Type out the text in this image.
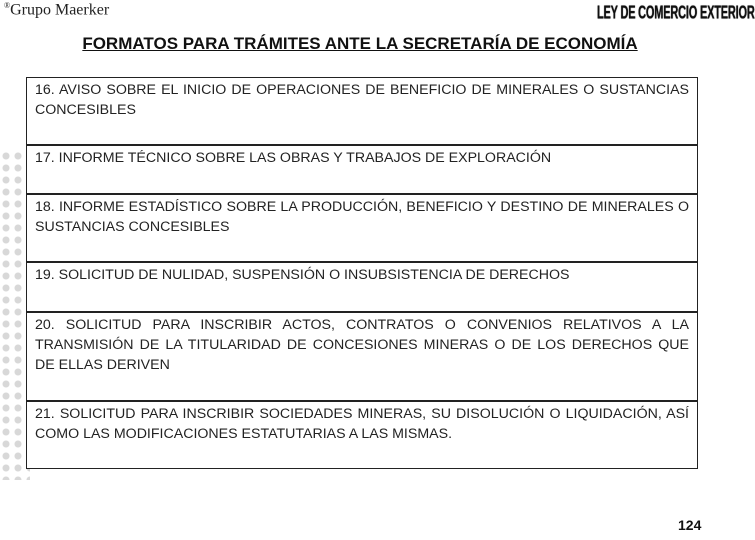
®Grupo Maerker	LEY DE COMERCIO EXTERIOR
FORMATOS PARA TRÁMITES ANTE LA SECRETARÍA DE ECONOMÍA
16. AVISO SOBRE EL INICIO DE OPERACIONES DE BENEFICIO DE MINERALES O SUSTANCIAS CONCESIBLES
17. INFORME TÉCNICO SOBRE LAS OBRAS Y TRABAJOS DE EXPLORACIÓN
18. INFORME ESTADÍSTICO SOBRE LA PRODUCCIÓN, BENEFICIO Y DESTINO DE MINERALES O SUSTANCIAS CONCESIBLES
19. SOLICITUD DE NULIDAD, SUSPENSIÓN O INSUBSISTENCIA DE DERECHOS
20. SOLICITUD PARA INSCRIBIR ACTOS, CONTRATOS O CONVENIOS RELATIVOS A LA TRANSMISIÓN DE LA TITULARIDAD DE CONCESIONES MINERAS O DE LOS DERECHOS QUE DE ELLAS DERIVEN
21. SOLICITUD PARA INSCRIBIR SOCIEDADES MINERAS, SU DISOLUCIÓN O LIQUIDACIÓN, ASÍ COMO LAS MODIFICACIONES ESTATUTARIAS A LAS MISMAS.
124
